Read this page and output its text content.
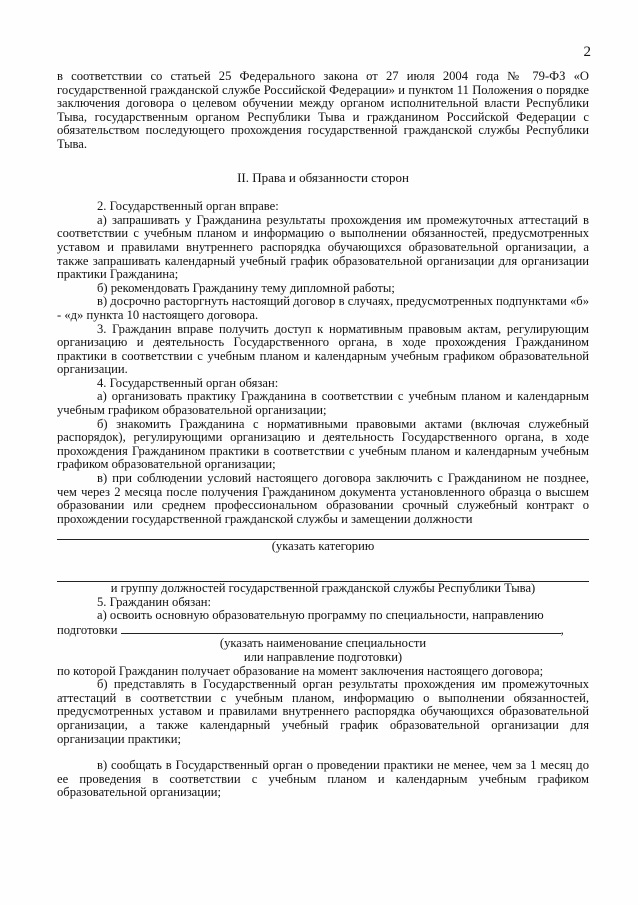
2

в соответствии со статьей 25 Федерального закона от 27 июля 2004 года № 79-ФЗ «О государственной гражданской службе Российской Федерации» и пунктом 11 Положения о порядке заключения договора о целевом обучении между органом исполнительной власти Республики Тыва, государственным органом Республики Тыва и гражданином Российской Федерации с обязательством последующего прохождения государственной гражданской службы Республики Тыва.

II. Права и обязанности сторон

2. Государственный орган вправе:

а) запрашивать у Гражданина результаты прохождения им промежуточных аттестаций в соответствии с учебным планом и информацию о выполнении обязанностей, предусмотренных уставом и правилами внутреннего распорядка обучающихся образовательной организации, а также запрашивать календарный учебный график образовательной организации для организации практики Гражданина;

б) рекомендовать Гражданину тему дипломной работы;

в) досрочно расторгнуть настоящий договор в случаях, предусмотренных подпунктами «б» - «д» пункта 10 настоящего договора.

3. Гражданин вправе получить доступ к нормативным правовым актам, регулирующим организацию и деятельность Государственного органа, в ходе прохождения Гражданином практики в соответствии с учебным планом и календарным учебным графиком образовательной организации.

4. Государственный орган обязан:

а) организовать практику Гражданина в соответствии с учебным планом и календарным учебным графиком образовательной организации;

б) знакомить Гражданина с нормативными правовыми актами (включая служебный распорядок), регулирующими организацию и деятельность Государственного органа, в ходе прохождения Гражданином практики в соответствии с учебным планом и календарным учебным графиком образовательной организации;

в) при соблюдении условий настоящего договора заключить с Гражданином не позднее, чем через 2 месяца после получения Гражданином документа установленного образца о высшем образовании или среднем профессиональном образовании срочный служебный контракт о прохождении государственной гражданской службы и замещении должности

(указать категорию
и группу должностей государственной гражданской службы Республики Тыва)

5. Гражданин обязан:

а) освоить основную образовательную программу по специальности, направлению

подготовки	,

(указать наименование специальности
или направление подготовки)

по которой Гражданин получает образование на момент заключения настоящего договора;

б) представлять в Государственный орган результаты прохождения им промежуточных аттестаций в соответствии с учебным планом, информацию о выполнении обязанностей, предусмотренных уставом и правилами внутреннего распорядка обучающихся образовательной организации, а также календарный учебный график образовательной организации для организации практики;

в) сообщать в Государственный орган о проведении практики не менее, чем за 1 месяц до ее проведения в соответствии с учебным планом и календарным учебным графиком образовательной организации;
